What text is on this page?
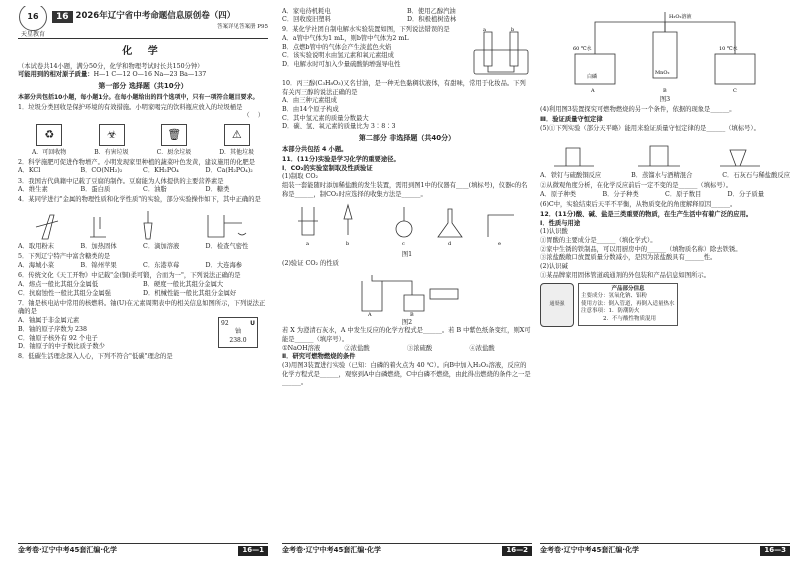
16
天星教育
16 2026年辽宁省中考命题信息原创卷（四）
答案详见答案册 P95
化 学
（本试卷共14小题，满分50分，化学和物理考试时长共150分钟）
可能用到的相对原子质量：H—1 C—12 O—16 Na—23 Ba—137
第一部分 选择题（共10分）
本部分共包括10小题，每小题1分。在每小题给出的四个选项中，只有一项符合题目要求。
1．垃圾分类回收是保护环境的有效措施。小明家喝完的饮料瓶应放入的垃圾桶是
（    ）
♻	☣	🗑	⚠
A．可回收物	B．有害垃圾	C．厨余垃圾	D．其他垃圾
2．科学施肥可促进作物增产。小明发现家里种植的蔬菜叶色发黄，建议施用的化肥是
A．KCl	B．CO(NH₂)₂	C．KH₂PO₄	D．Ca(H₂PO₄)₂
3．我国古代典籍中记载了豆腐的制作。豆腐能为人体提供的主要营养素是
A．维生素	B．蛋白质	C．油脂	D．糖类
4．某同学进行"金属的物理性质和化学性质"的实验，部分实验操作如下，其中正确的是
A．取用粉末	B．加热固体	C．滴加溶液	D．检查气密性
5．下列辽宁特产中富含糖类的是
A．海城小菜	B．锦州苹果	C．东港草莓	D．大连海参
6．传统文化《天工开物》中记载"金(铜)柔可锻，合而为一"，下列说法正确的是
A．熔点一般比其组分金属低	B．硬度一般比其组分金属大
C．抗腐蚀性一般比其组分金属强	D．机械性能一般比其组分金属好
7．铀是核电站中常用的核燃料。铀(U)在元素周期表中的相关信息如图所示，下列说法正确的是
A．铀属于非金属元素
B．铀的原子序数为 238
C．铀原子核外有 92 个电子
D．铀原子的中子数比质子数少
92	U
铀
238.0
8．低碳生活理念深入人心，下列不符合"低碳"理念的是
金考卷·辽宁中考45套汇编·化学	16—1
A．家电待机耗电	B．使用乙醇汽油
C．回收废旧塑料	D．积极植树造林
9．某化学社团自制电解水实验装置如图，下列说法错误的是
A．a管中气体为1 mL，则b管中气体为2 mL
B．点燃b管中的气体会产生淡蓝色火焰
C．该实验说明水由氢元素和氧元素组成
D．电解水时可加入少量硫酸钠增强导电性
a	b
10．丙三醇(C₃H₈O₃)又名甘油，是一种无色黏稠状液体，有甜味，常用于化妆品。下列有关丙三醇的说法正确的是
A．由三种元素组成
B．由14个原子构成
C．其中氢元素的质量分数最大
D．碳、氢、氧元素的质量比为 3∶8∶3
第二部分 非选择题（共40分）
本部分共包括 4 小题。
11．(11分)实验是学习化学的重要途径。
Ⅰ．CO₂的实验室制取及性质验证
(1)制取 CO₂
组装一套能随时添加稀盐酸的发生装置，需用到图1中的仪器有____(填标号)，仪器c的名称是______，制CO₂时应选择的收集方法是______。
a	b	c	d	e
图1
(2)验证 CO₂ 的性质
A	B
图2
若 X 为澄清石灰水，A 中发生反应的化学方程式是______。若 B 中紫色纸条变红，则X可能是______（填序号）。
①NaOH溶液	②浓盐酸	③浓硫酸	④浓盐酸
Ⅱ．研究可燃物燃烧的条件
(3)用图3装置进行实验（已知：白磷的着火点为 40 ℃）。向B中加入H₂O₂溶液，反应的化学方程式是______，观察到A中白磷燃烧，C中白磷不燃烧，由此得出燃烧的条件之一是______。
金考卷·辽宁中考45套汇编·化学	16—2
H₂O₂溶液
60 ℃水
白磷
MnO₂
10 ℃水
A	B	C
图3
(4)利用图3装置探究可燃物燃烧的另一个条件，依据的现象是______。
Ⅲ．验证质量守恒定律
(5)①下列实验（部分天平略）能用来验证质量守恒定律的是______（填标号）。
A．铁钉与硫酸铜反应	B．蒸馏水与酒精混合	C．石灰石与稀盐酸反应
②从微观角度分析，在化学反应前后一定不变的是______（填标号）。
A．原子种类	B．分子种类	C．原子数目	D．分子质量
(6)C中，实验结束后天平不平衡，从物质变化的角度解释原因______。
12．(11分)酸、碱、盐是三类重要的物质，在生产生活中有着广泛的应用。
Ⅰ．性质与用途
(1)认识酸
①胃酸的主要成分是______（填化学式）。
②家中生锈的铁制品，可以用厨房中的______（填物质名称）除去铁锈。
③浓盐酸敞口放置质量分数减小，是因为浓盐酸具有______性。
(2)认识碱
①某品牌家用固体管道疏通剂的外包装和产品信息如图所示。
通渠强
产品部分信息
主要成分：氢氧化钠、铝粉
使用方法：倒入管道，再倒入适量热水
注意事项：1．防潮防火
2．不与酸性物质混用
金考卷·辽宁中考45套汇编·化学	16—3
